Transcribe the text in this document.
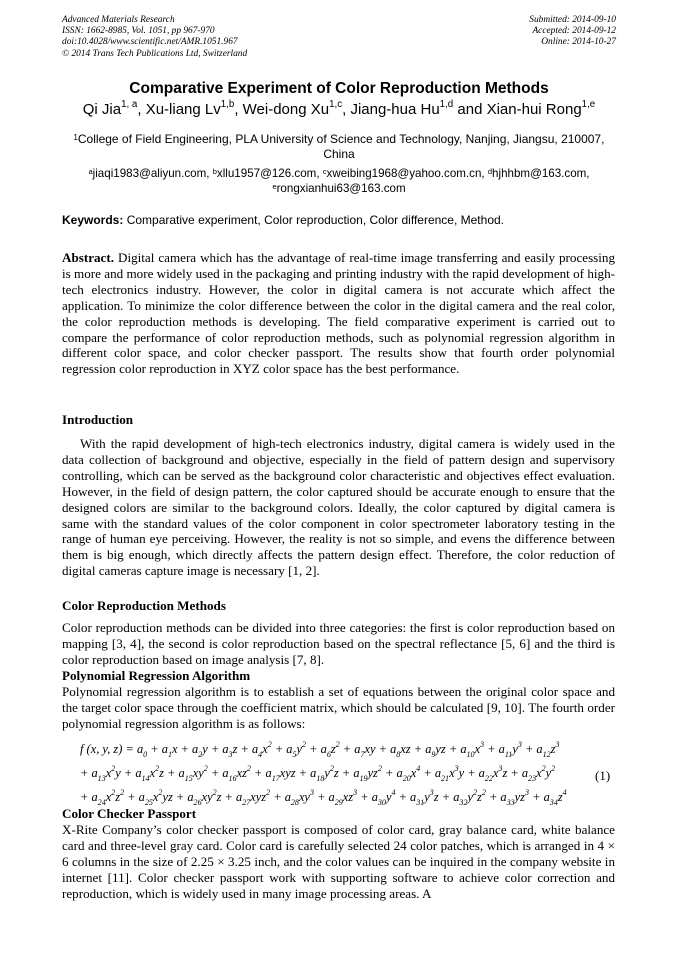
Advanced Materials Research
ISSN: 1662-8985, Vol. 1051, pp 967-970
doi:10.4028/www.scientific.net/AMR.1051.967
© 2014 Trans Tech Publications Ltd, Switzerland
Submitted: 2014-09-10
Accepted: 2014-09-12
Online: 2014-10-27
Comparative Experiment of Color Reproduction Methods
Qi Jia$^{1, a}$, Xu-liang Lv$^{1,b}$, Wei-dong Xu$^{1,c}$, Jiang-hua Hu$^{1,d}$ and Xian-hui Rong$^{1,e}$
$^1$College of Field Engineering, PLA University of Science and Technology, Nanjing, Jiangsu, 210007, China
$^a$jiaqi1983@aliyun.com, $^b$xllu1957@126.com, $^c$xweibing1968@yahoo.com.cn, $^d$hjhhbm@163.com, $^e$rongxianhui63@163.com
Keywords: Comparative experiment, Color reproduction, Color difference, Method.
Abstract. Digital camera which has the advantage of real-time image transferring and easily processing is more and more widely used in the packaging and printing industry with the rapid development of high-tech electronics industry. However, the color in digital camera is not accurate which affect the application. To minimize the color difference between the color in the digital camera and the real color, the color reproduction methods is developing. The field comparative experiment is carried out to compare the performance of color reproduction methods, such as polynomial regression algorithm in different color space, and color checker passport. The results show that fourth order polynomial regression color reproduction in XYZ color space has the best performance.
Introduction
With the rapid development of high-tech electronics industry, digital camera is widely used in the data collection of background and objective, especially in the field of pattern design and supervisory controlling, which can be served as the background color characteristic and objectives effect evaluation. However, in the field of design pattern, the color captured should be accurate enough to ensure that the designed colors are similar to the background colors. Ideally, the color captured by digital camera is same with the standard values of the color component in color spectrometer laboratory testing in the range of human eye perceiving. However, the reality is not so simple, and evens the difference between them is big enough, which directly affects the pattern design effect. Therefore, the color reduction of digital cameras capture image is necessary [1, 2].
Color Reproduction Methods
Color reproduction methods can be divided into three categories: the first is color reproduction based on mapping [3, 4], the second is color reproduction based on the spectral reflectance [5, 6] and the third is color reproduction based on image analysis [7, 8].
Polynomial Regression Algorithm
Polynomial regression algorithm is to establish a set of equations between the original color space and the target color space through the coefficient matrix, which should be calculated [9, 10]. The fourth order polynomial regression algorithm is as follows:
f (x, y, $z) = a_0 + a_1x + a_2y + a_3z + a_4x^2 + a_5y^2 + a_6z^2 + a_7xy + a_8xz + a_9yz + a_{10}x^3 + a_{11}y^3 + a_{12}z^3$
+ $a_{13}x^2y + a_{14}x^2z + a_{15}xy^2 + a_{16}xz^2 + a_{17}xyz + a_{18}y^2z + a_{19}yz^2 + a_{20}x^4 + a_{21}x^3y + a_{22}x^3z + a_{23}x^2y^2$	(1)
+ $a_{24}x^2z^2 + a_{25}x^2yz + a_{26}xy^2z + a_{27}xyz^2 + a_{28}xy^3 + a_{29}xz^3 + a_{30}y^4 + a_{31}y^3z + a_{32}y^2z^2 + a_{33}yz^3 + a_{34}z^4$
Color Checker Passport
X-Rite Company’s color checker passport is composed of color card, gray balance card, white balance card and three-level gray card. Color card is carefully selected 24 color patches, which is arranged in 4 × 6 columns in the size of 2.25 × 3.25 inch, and the color values can be inquired in the company website in internet [11]. Color checker passport work with supporting software to achieve color correction and reproduction, which is widely used in many image processing areas. A
